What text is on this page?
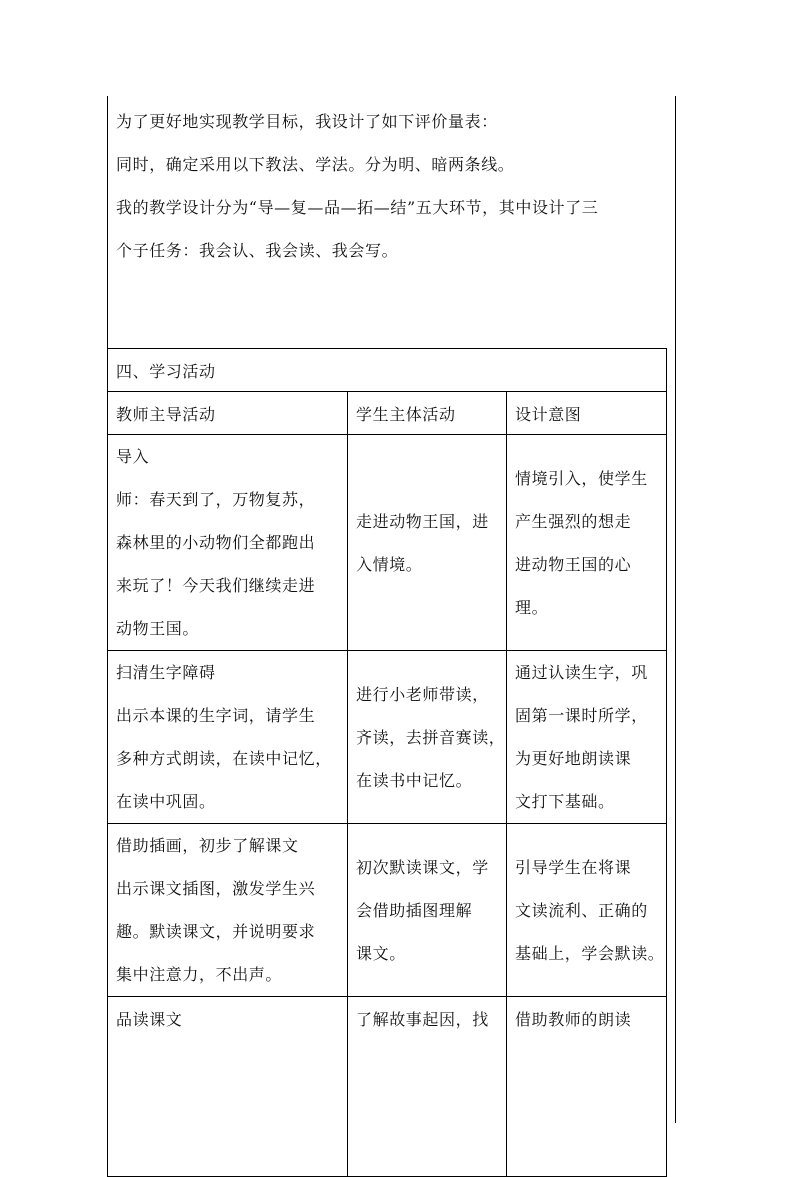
为了更好地实现教学目标，我设计了如下评价量表：

同时，确定采用以下教法、学法。分为明、暗两条线。

我的教学设计分为“导—复—品—拓—结”五大环节，其中设计了三

个子任务：我会认、我会读、我会写。

四、学习活动		
教师主导活动	学生主体活动	设计意图

导入
师：春天到了，万物复苏，
森林里的小动物们全都跑出
来玩了！今天我们继续走进
动物王国。	走进动物王国，进
入情境。	情境引入，使学生
产生强烈的想走
进动物王国的心
理。

扫清生字障碍
出示本课的生字词，请学生
多种方式朗读，在读中记忆，
在读中巩固。	进行小老师带读，
齐读，去拼音赛读，
在读书中记忆。	通过认读生字，巩
固第一课时所学，
为更好地朗读课
文打下基础。

借助插画，初步了解课文
出示课文插图，激发学生兴
趣。默读课文，并说明要求
集中注意力，不出声。	初次默读课文，学
会借助插图理解
课文。	引导学生在将课
文读流利、正确的
基础上，学会默读。

品读课文	了解故事起因，找	借助教师的朗读
